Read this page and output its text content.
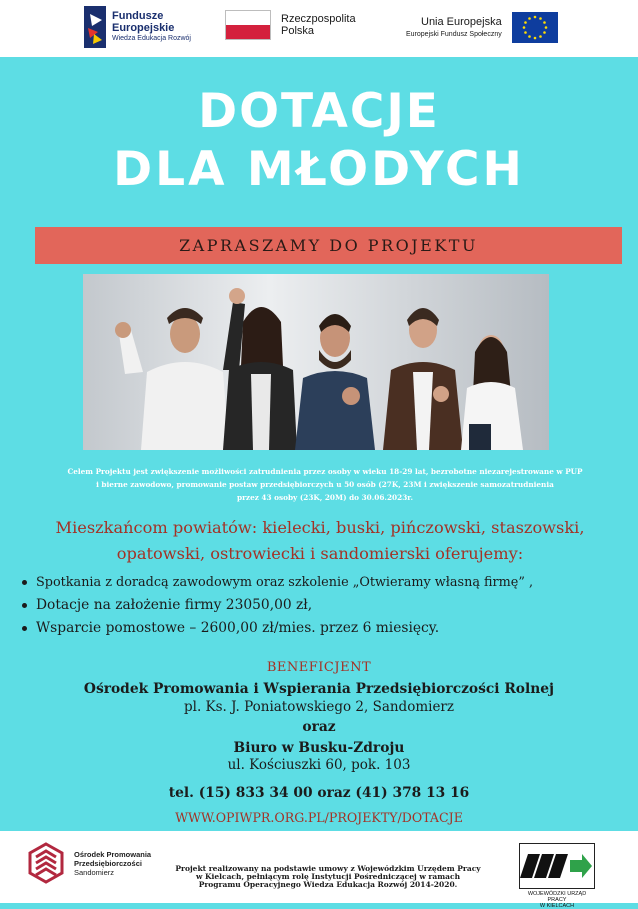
Fundusze
Europejskie
Wiedza Edukacja Rozwój
Rzeczpospolita
Polska
Unia Europejska
Europejski Fundusz Społeczny
DOTACJE
DLA MŁODYCH
ZAPRASZAMY DO PROJEKTU
Celem Projektu jest zwiększenie możliwości zatrudnienia przez osoby w wieku 18-29 lat, bezrobotne niezarejestrowane w PUP
i bierne zawodowo, promowanie postaw przedsiębiorczych u 50 osób (27K, 23M i zwiększenie samozatrudnienia
przez 43 osoby (23K, 20M) do 30.06.2023r.
Mieszkańcom powiatów: kielecki, buski, pińczowski, staszowski,
opatowski, ostrowiecki i sandomierski oferujemy:
Spotkania z doradcą zawodowym oraz szkolenie „Otwieramy własną firmę” ,
Dotacje na założenie firmy 23050,00 zł,
Wsparcie pomostowe – 2600,00 zł/mies. przez 6 miesięcy.
BENEFICJENT
Ośrodek Promowania i Wspierania Przedsiębiorczości Rolnej
pl. Ks. J. Poniatowskiego 2, Sandomierz
oraz
Biuro w Busku-Zdroju
ul. Kościuszki 60, pok. 103
tel. (15) 833 34 00 oraz (41) 378 13 16
WWW.OPIWPR.ORG.PL/PROJEKTY/DOTACJE
Ośrodek Promowania
Przedsiębiorczości
Sandomierz	Projekt realizowany na podstawie umowy z Wojewódzkim Urzędem Pracy
w Kielcach, pełniącym rolę Instytucji Pośredniczącej w ramach
Programu Operacyjnego Wiedza Edukacja Rozwój 2014-2020.
WOJEWÓDZKI URZĄD PRACY
W KIELCACH
